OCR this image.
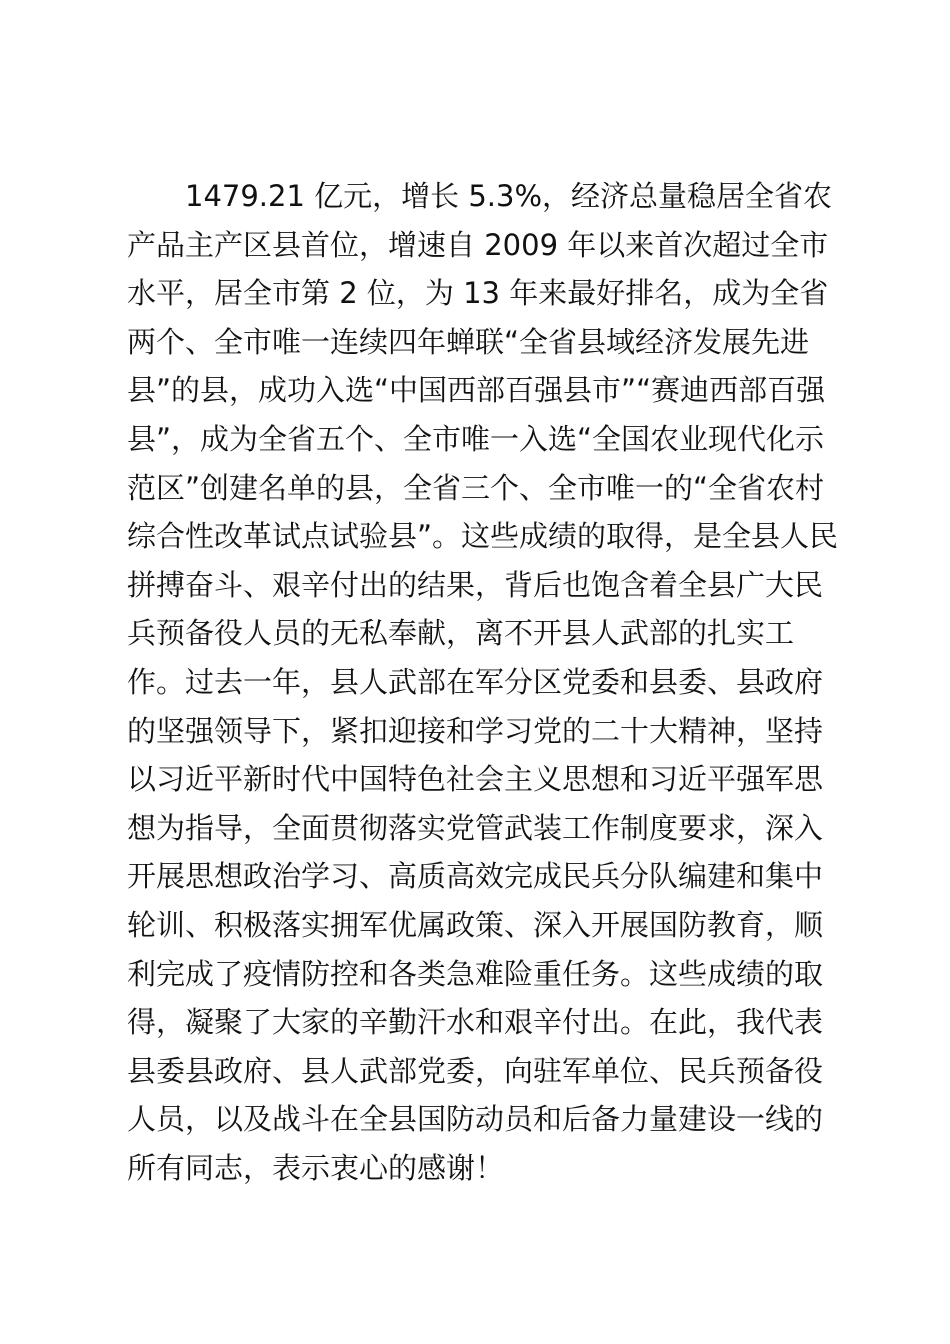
1479.21 亿元，增长 5.3%，经济总量稳居全省农
产品主产区县首位，增速自 2009 年以来首次超过全市
水平，居全市第 2 位，为 13 年来最好排名，成为全省
两个、全市唯一连续四年蝉联“全省县域经济发展先进
县”的县，成功入选“中国西部百强县市”“赛迪西部百强
县”，成为全省五个、全市唯一入选“全国农业现代化示
范区”创建名单的县，全省三个、全市唯一的“全省农村
综合性改革试点试验县”。这些成绩的取得，是全县人民
拼搏奋斗、艰辛付出的结果，背后也饱含着全县广大民
兵预备役人员的无私奉献，离不开县人武部的扎实工
作。过去一年，县人武部在军分区党委和县委、县政府
的坚强领导下，紧扣迎接和学习党的二十大精神，坚持
以习近平新时代中国特色社会主义思想和习近平强军思
想为指导，全面贯彻落实党管武装工作制度要求，深入
开展思想政治学习、高质高效完成民兵分队编建和集中
轮训、积极落实拥军优属政策、深入开展国防教育，顺
利完成了疫情防控和各类急难险重任务。这些成绩的取
得，凝聚了大家的辛勤汗水和艰辛付出。在此，我代表
县委县政府、县人武部党委，向驻军单位、民兵预备役
人员，以及战斗在全县国防动员和后备力量建设一线的
所有同志，表示衷心的感谢！
